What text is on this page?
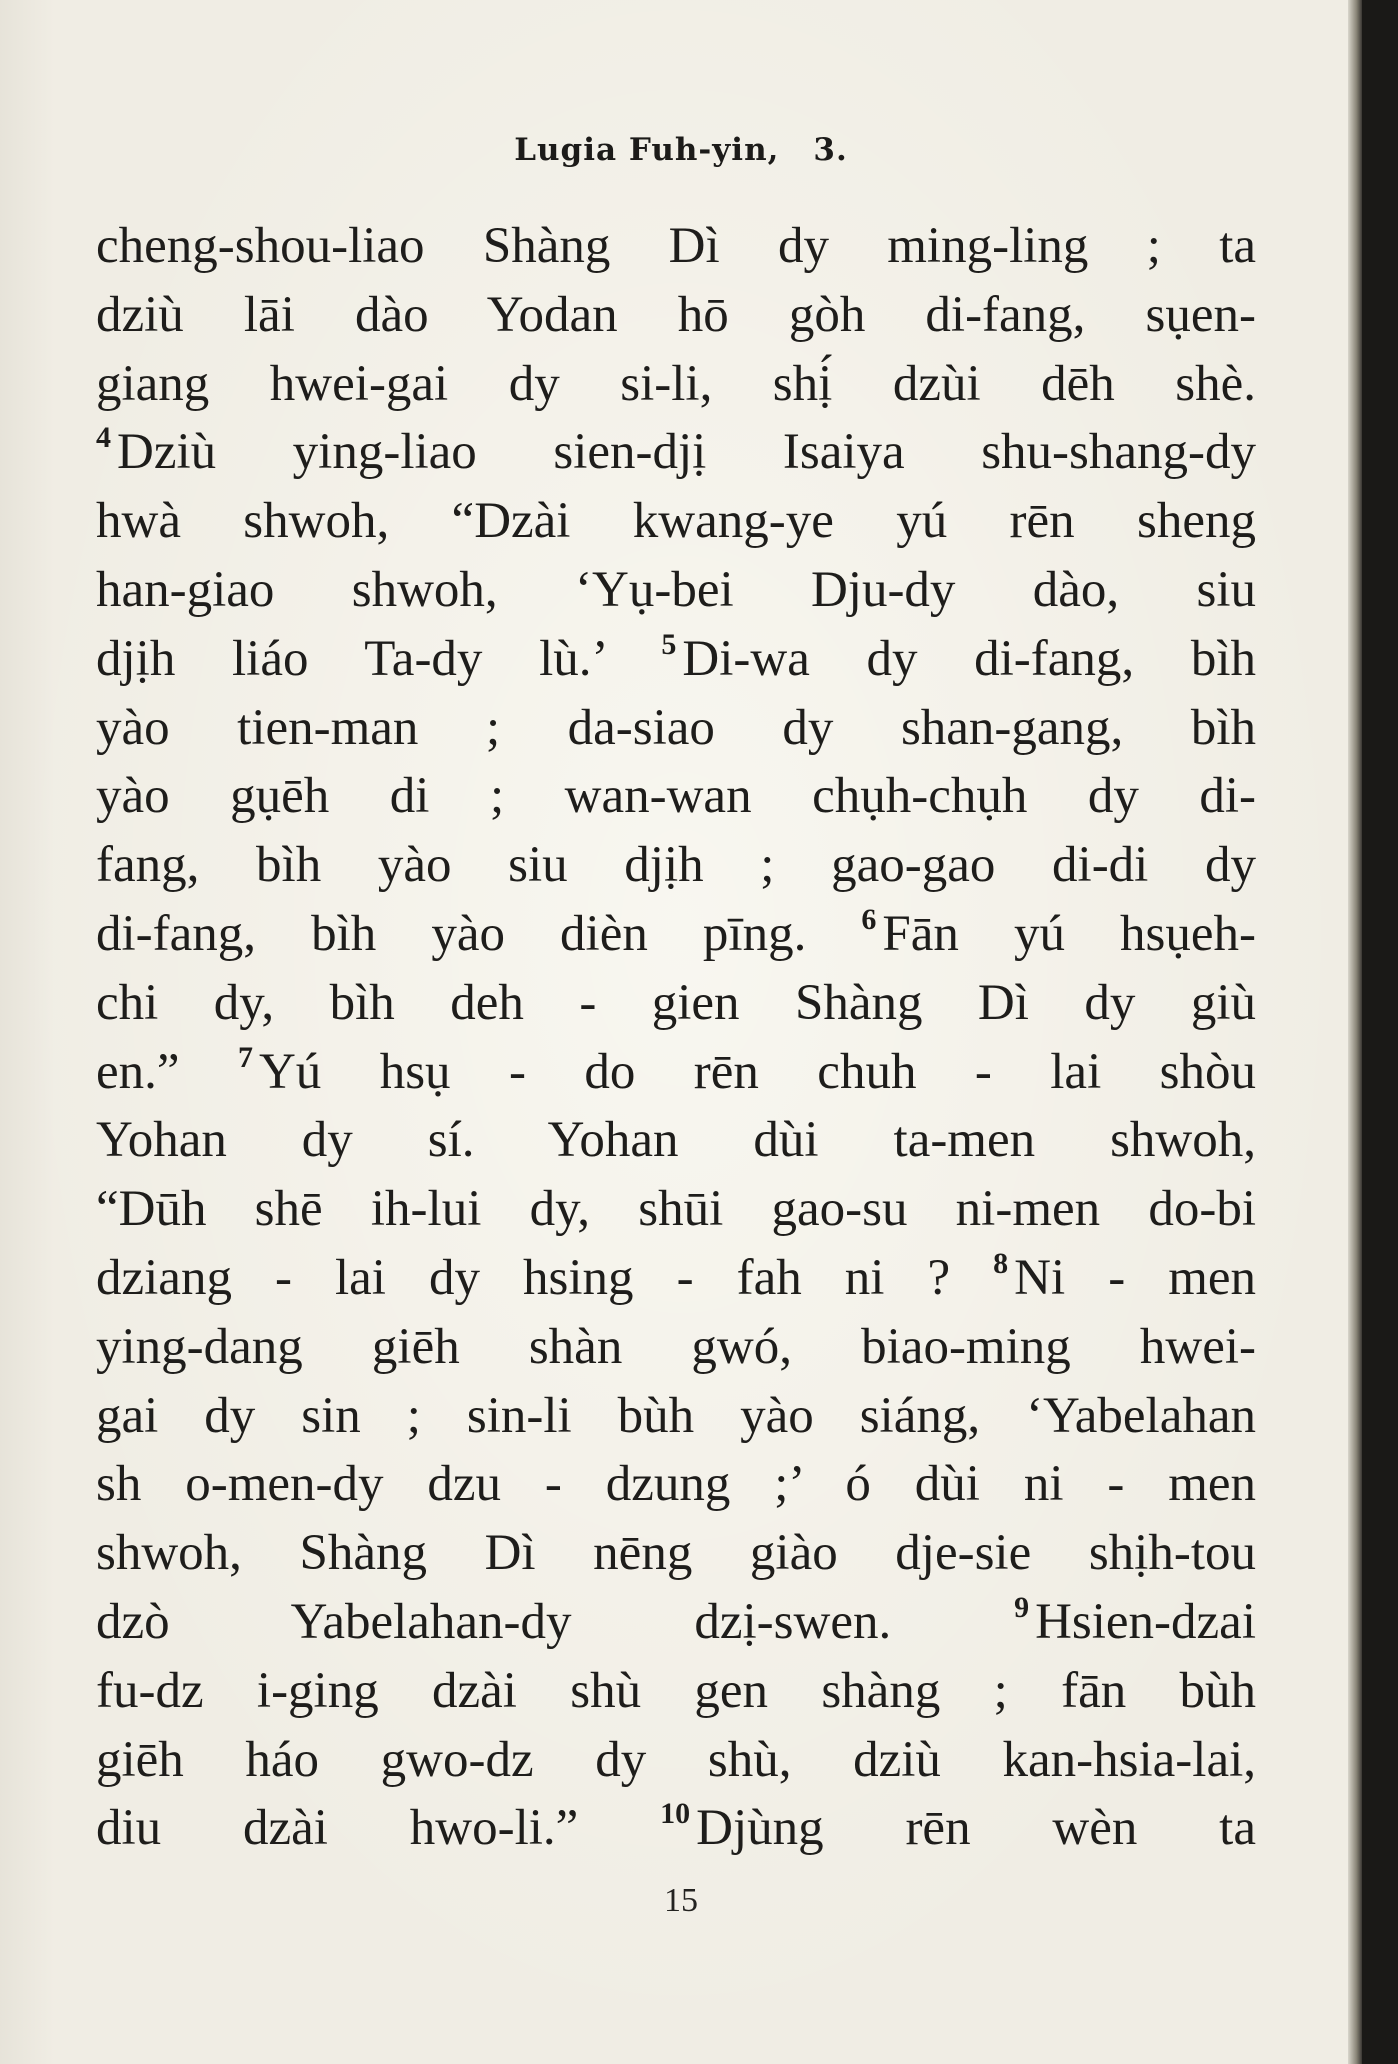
Lugia Fuh-yin, 3.
cheng-shou-liao Shàng Dì dy ming-ling ; ta
dziù lāi dào Yodan hō gòh di-fang, sụen-
giang hwei-gai dy si-li, shị́ dzùi dēh shè.
$^4$ Dziù ying-liao sien-djị Isaiya shu-shang-dy
hwà shwoh, “Dzài kwang-ye yú rēn sheng
han-giao shwoh, ‘Yụ-bei Dju-dy dào, siu
djịh liáo Ta-dy lù.’ $^5$ Di-wa dy di-fang, bìh
yào tien-man ; da-siao dy shan-gang, bìh
yào gụēh di ; wan-wan chụh-chụh dy di-
fang, bìh yào siu djịh ; gao-gao di-di dy
di-fang, bìh yào dièn pīng. $^6$ Fān yú hsụeh-
chi dy, bìh deh - gien Shàng Dì dy giù
en.” $^7$ Yú hsụ - do rēn chuh - lai shòu
Yohan dy sí. Yohan dùi ta-men shwoh,
“Dūh shē ih-lui dy, shūi gao-su ni-men do-bi
dziang - lai dy hsing - fah ni ? $^8$ Ni - men
ying-dang giēh shàn gwó, biao-ming hwei-
gai dy sin ; sin-li bùh yào siáng, ‘Yabelahan
sh o-men-dy dzu - dzung ;’ ó dùi ni - men
shwoh, Shàng Dì nēng giào dje-sie shịh-tou
dzò Yabelahan-dy dzị-swen.	$^9$ Hsien-dzai
fu-dz i-ging dzài shù gen shàng ; fān bùh
giēh háo gwo-dz dy shù, dziù kan-hsia-lai,
diu dzài hwo-li.”	$^{10}$ Djùng rēn wèn ta
15
